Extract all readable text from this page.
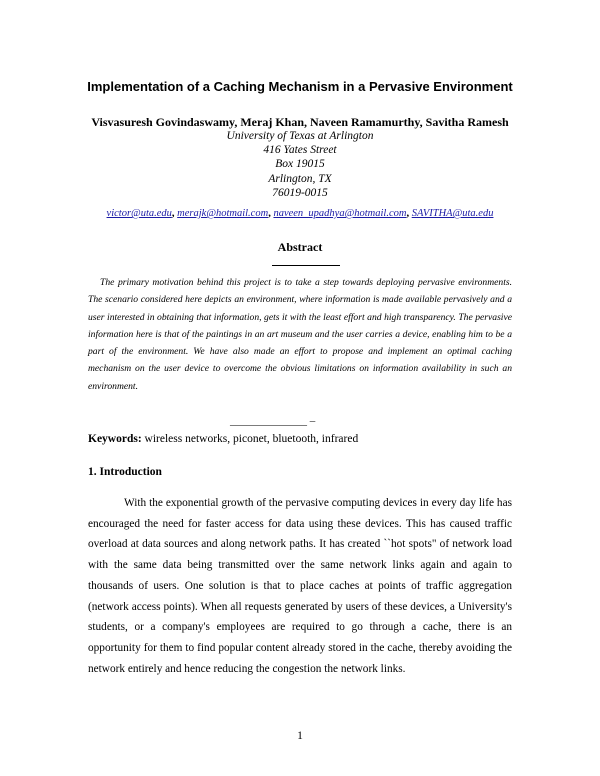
Implementation of a Caching Mechanism in a Pervasive Environment
Visvasuresh Govindaswamy, Meraj Khan, Naveen Ramamurthy, Savitha Ramesh
University of Texas at Arlington
416 Yates Street
Box 19015
Arlington, TX
76019-0015
victor@uta.edu, merajk@hotmail.com, naveen_upadhya@hotmail.com, SAVITHA@uta.edu
Abstract
The primary motivation behind this project is to take a step towards deploying pervasive environments. The scenario considered here depicts an environment, where information is made available pervasively and a user interested in obtaining that information, gets it with the least effort and high transparency. The pervasive information here is that of the paintings in an art museum and the user carries a device, enabling him to be a part of the environment. We have also made an effort to propose and implement an optimal caching mechanism on the user device to overcome the obvious limitations on information availability in such an environment.
______________ –
Keywords: wireless networks, piconet, bluetooth, infrared
1. Introduction
With the exponential growth of the pervasive computing devices in every day life has encouraged the need for faster access for data using these devices. This has caused traffic overload at data sources and along network paths. It has created ``hot spots" of network load with the same data being transmitted over the same network links again and again to thousands of users. One solution is that to place caches at points of traffic aggregation (network access points). When all requests generated by users of these devices, a University's students, or a company's employees are required to go through a cache, there is an opportunity for them to find popular content already stored in the cache, thereby avoiding the network entirely and hence reducing the congestion the network links.
1
